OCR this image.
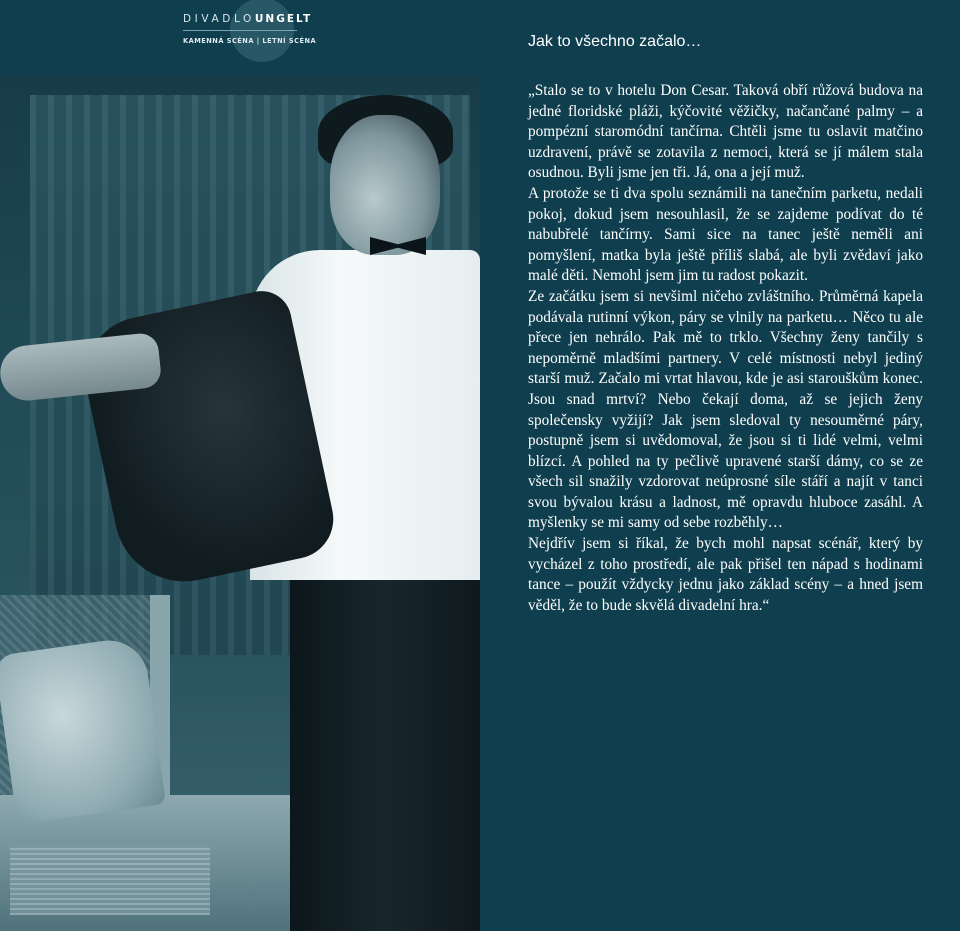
DIVADLOUNGELT
KAMENNÁ SCÉNA | LETNÍ SCÉNA	Jak to všechno začalo…

„Stalo se to v hotelu Don Cesar. Taková obří růžová budova na jedné floridské pláži, kýčovité věžičky, načančané palmy – a pompézní staromódní tančírna. Chtěli jsme tu oslavit matčino uzdravení, právě se zotavila z nemoci, která se jí málem stala osudnou. Byli jsme jen tři. Já, ona a její muž.

A protože se ti dva spolu seznámili na tanečním parketu, nedali pokoj, dokud jsem nesouhlasil, že se zajdeme podívat do té nabubřelé tančírny. Sami sice na tanec ještě neměli ani pomyšlení, matka byla ještě příliš slabá, ale byli zvědaví jako malé děti. Nemohl jsem jim tu radost pokazit.

Ze začátku jsem si nevšiml ničeho zvláštního. Průměrná kapela podávala rutinní výkon, páry se vlnily na parketu… Něco tu ale přece jen nehrálo. Pak mě to trklo. Všechny ženy tančily s nepoměrně mladšími partnery. V celé místnosti nebyl jediný starší muž. Začalo mi vrtat hlavou, kde je asi starouškům konec. Jsou snad mrtví? Nebo čekají doma, až se jejich ženy společensky vyžijí? Jak jsem sledoval ty nesouměrné páry, postupně jsem si uvědomoval, že jsou si ti lidé velmi, velmi blízcí. A pohled na ty pečlivě upravené starší dámy, co se ze všech sil snažily vzdorovat neúprosné síle stáří a najít v tanci svou bývalou krásu a ladnost, mě opravdu hluboce zasáhl. A myšlenky se mi samy od sebe rozběhly…

Nejdřív jsem si říkal, že bych mohl napsat scénář, který by vycházel z toho prostředí, ale pak přišel ten nápad s hodinami tance – použít vždycky jednu jako základ scény – a hned jsem věděl, že to bude skvělá divadelní hra.“
